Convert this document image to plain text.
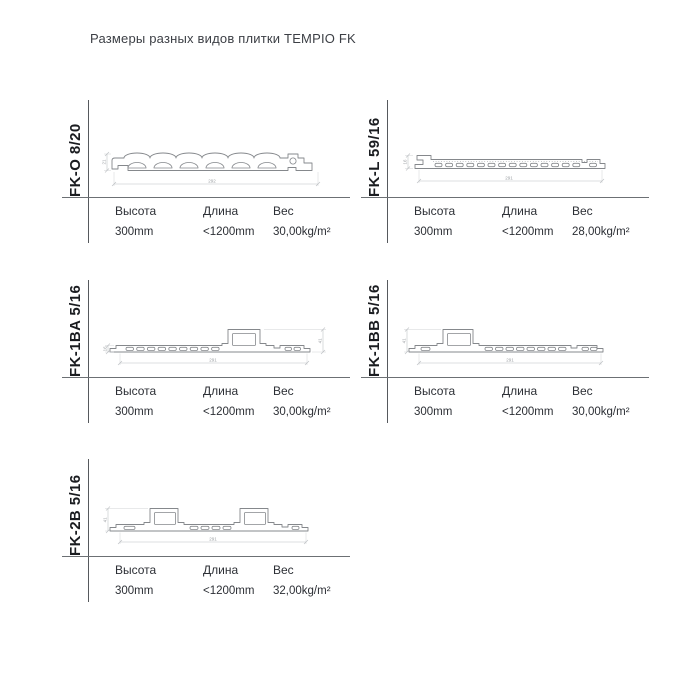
Размеры разных видов плитки TEMPIO FK
FK-O 8/20	292
21
Высота	Длина	Вес
300mm	<1200mm	30,00kg/m²
FK-L 59/16	291
16
Высота	Длина	Вес
300mm	<1200mm	28,00kg/m²
FK-1BA 5/16	291
16
41
Высота	Длина	Вес
300mm	<1200mm	30,00kg/m²
FK-1BB 5/16	291
41
Высота	Длина	Вес
300mm	<1200mm	30,00kg/m²
FK-2B 5/16	291
41
Высота	Длина	Вес
300mm	<1200mm	32,00kg/m²
